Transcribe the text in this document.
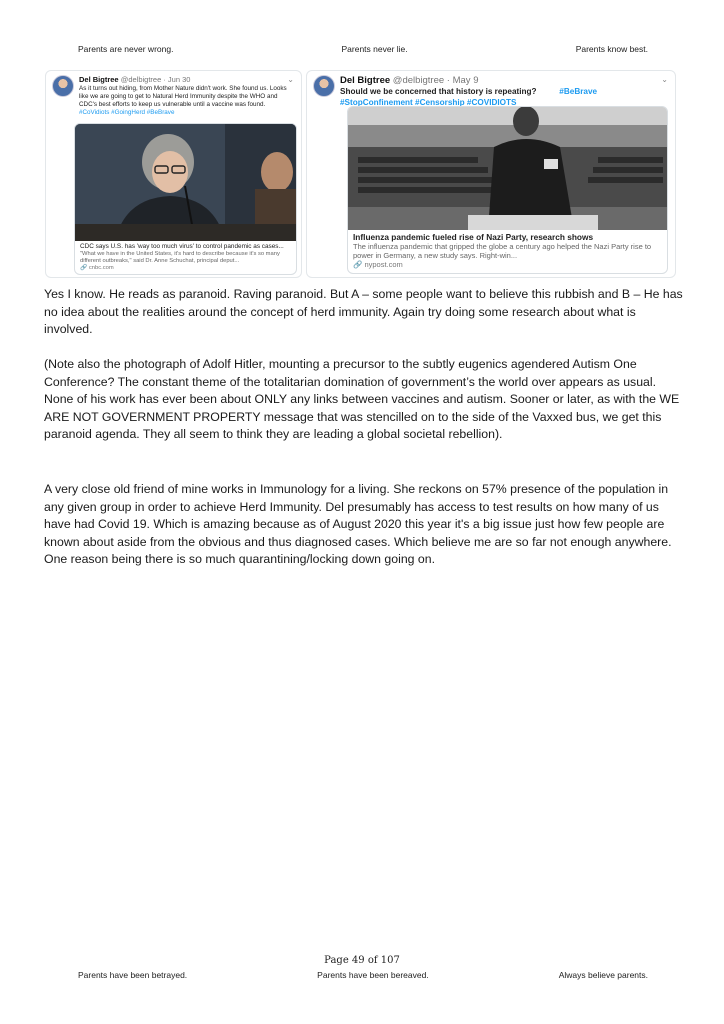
Parents are never wrong.	Parents never lie.	Parents know best.
⌄
Del Bigtree @delbigtree · Jun 30
As it turns out hiding, from Mother Nature didn't work. She found us. Looks like we are going to get to Natural Herd Immunity despite the WHO and CDC's best efforts to keep us vulnerable until a vaccine was found.
#CoVidiots #GoingHerd #BeBrave
CDC says U.S. has 'way too much virus' to control pandemic as cases...
"What we have in the United States, it's hard to describe because it's so many different outbreaks," said Dr. Anne Schuchat, principal deput...
🔗 cnbc.com
⌄
Del Bigtree @delbigtree · May 9
Should we be concerned that history is repeating?	#BeBrave
#StopConfinement #Censorship #COVIDIOTS
Influenza pandemic fueled rise of Nazi Party, research shows
The influenza pandemic that gripped the globe a century ago helped the Nazi Party rise to power in Germany, a new study says. Right-win...
🔗 nypost.com

Yes I know. He reads as paranoid. Raving paranoid. But A – some people want to believe this rubbish and B – He has no idea about the realities around the concept of herd immunity. Again try doing some research about what is involved.

(Note also the photograph of Adolf Hitler, mounting a precursor to the subtly eugenics agendered Autism One Conference? The constant theme of the totalitarian domination of government’s the world over appears as usual. None of his work has ever been about ONLY any links between vaccines and autism. Sooner or later, as with the WE ARE NOT GOVERNMENT PROPERTY message that was stencilled on to the side of the Vaxxed bus, we get this paranoid agenda. They all seem to think they are leading a global societal rebellion).

A very close old friend of mine works in Immunology for a living. She reckons on 57% presence of the population in any given group in order to achieve Herd Immunity. Del presumably has access to test results on how many of us have had Covid 19. Which is amazing because as of August 2020 this year it's a big issue just how few people are known about aside from the obvious and thus diagnosed cases. Which believe me are so far not enough anywhere. One reason being there is so much quarantining/locking down going on.

Page 49 of 107
Parents have been betrayed.	Parents have been bereaved.	Always believe parents.
